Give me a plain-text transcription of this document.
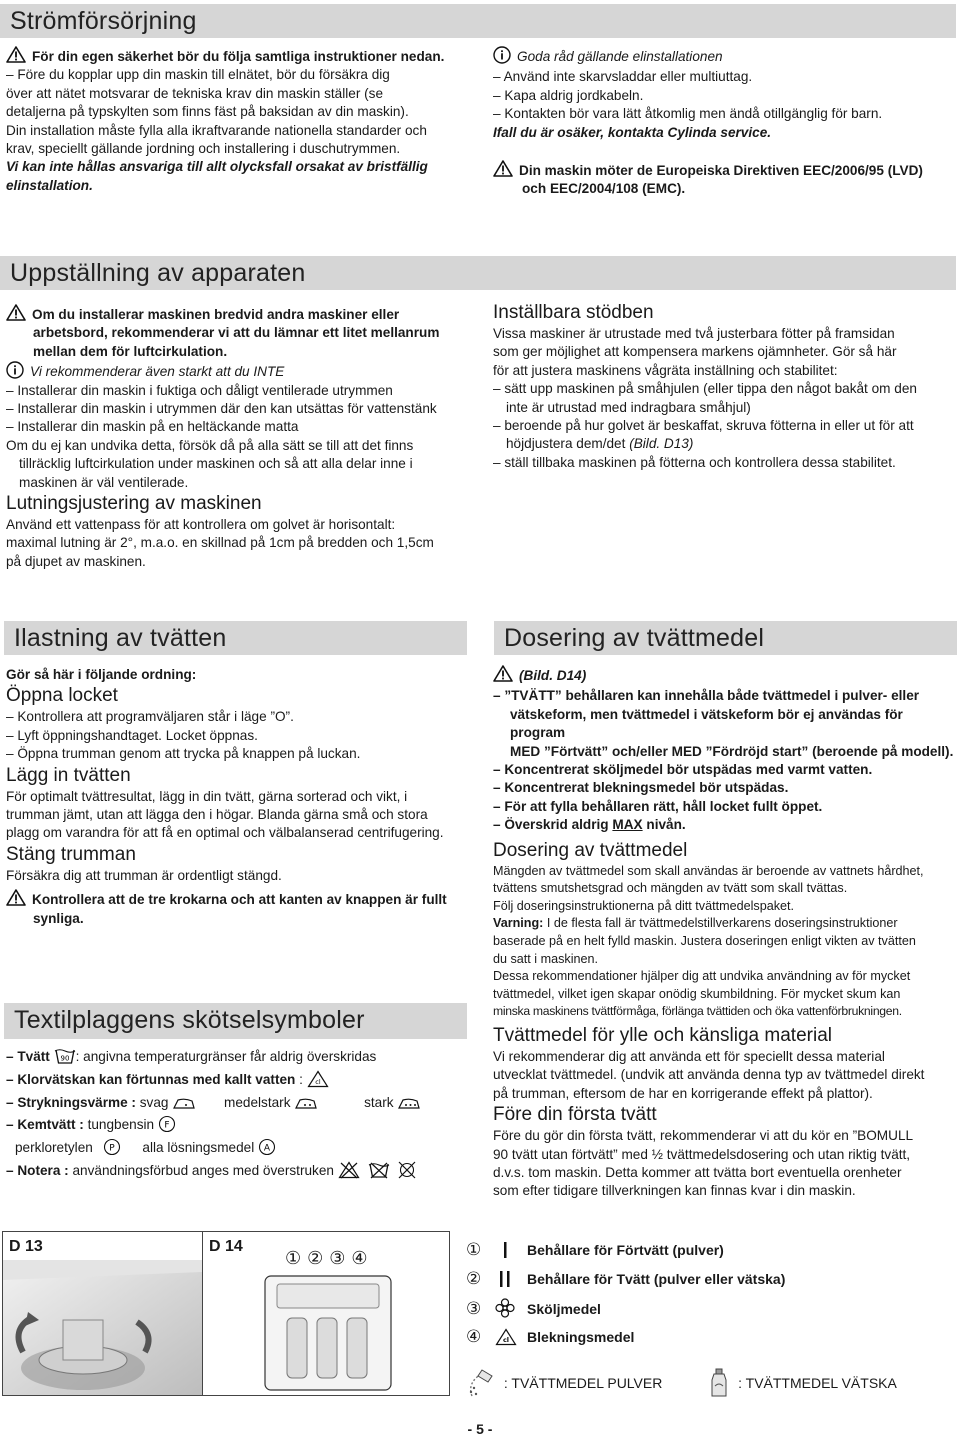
Strömförsörjning

För din egen säkerhet bör du följa samtliga instruktioner nedan.

– Före du kopplar upp din maskin till elnätet, bör du försäkra dig

över att nätet motsvarar de tekniska krav din maskin ställer (se

detaljerna på typskylten som finns fäst på baksidan av din maskin).

Din installation måste fylla alla ikraftvarande nationella standarder och

krav, speciellt gällande jordning och installering i duschutrymmen.

Vi kan inte hållas ansvariga till allt olycksfall orsakat av bristfällig

elinstallation.

Goda råd gällande elinstallationen

– Använd inte skarvsladdar eller multiuttag.

– Kapa aldrig jordkabeln.

– Kontakten bör vara lätt åtkomlig men ändå otillgänglig för barn.

Ifall du är osäker, kontakta Cylinda service.

Din maskin möter de Europeiska Direktiven EEC/2006/95 (LVD)

och EEC/2004/108 (EMC).

Uppställning av apparaten

Om du installerar maskinen bredvid andra maskiner eller

arbetsbord, rekommenderar vi att du lämnar ett litet mellanrum

mellan dem för luftcirkulation.

Vi rekommenderar även starkt att du INTE

– Installerar din maskin i fuktiga och dåligt ventilerade utrymmen

– Installerar din maskin i utrymmen där den kan utsättas för vattenstänk

– Installerar din maskin på en heltäckande matta

Om du ej kan undvika detta, försök då på alla sätt se till att det finns

tillräcklig luftcirkulation under maskinen och så att alla delar inne i

maskinen är väl ventilerade.

Lutningsjustering av maskinen

Använd ett vattenpass för att kontrollera om golvet är horisontalt:

maximal lutning är 2°, m.a.o. en skillnad på 1cm på bredden och 1,5cm

på djupet av maskinen.

Inställbara stödben

Vissa maskiner är utrustade med två justerbara fötter på framsidan

som ger möjlighet att kompensera markens ojämnheter. Gör så här

för att justera maskinens vågräta inställning och stabilitet:

– sätt upp maskinen på småhjulen (eller tippa den något bakåt om den

inte är utrustad med indragbara småhjul)

– beroende på hur golvet är beskaffat, skruva fötterna in eller ut för att

höjdjustera dem/det (Bild. D13)

– ställ tillbaka maskinen på fötterna och kontrollera dessa stabilitet.

Ilastning av tvätten

Gör så här i följande ordning:

Öppna locket

– Kontrollera att programväljaren står i läge ”O”.

– Lyft öppningshandtaget. Locket öppnas.

– Öppna trumman genom att trycka på knappen på luckan.

Lägg in tvätten

För optimalt tvättresultat, lägg in din tvätt, gärna sorterad och vikt, i

trumman jämt, utan att lägga den i högar. Blanda gärna små och stora

plagg om varandra för att få en optimal och välbalanserad centrifugering.

Stäng trumman

Försäkra dig att trumman är ordentligt stängd.

Kontrollera att de tre krokarna och att kanten av knappen är fullt

synliga.

Textilplaggens skötselsymboler

– Tvätt 90 : angivna temperaturgränser får aldrig överskridas

– Klorvätskan kan förtunnas med kallt vatten : cl

– Strykningsvärme : svag	medelstark	stark

– Kemtvätt : tungbensin F

perkloretylen P alla lösningsmedel A

– Notera : användningsförbud anges med överstruken

Dosering av tvättmedel

(Bild. D14)

– ”TVÄTT” behållaren kan innehålla både tvättmedel i pulver- eller

vätskeform, men tvättmedel i vätskeform bör ej användas för program

MED ”Förtvätt” och/eller MED ”Fördröjd start” (beroende på modell).

– Koncentrerat sköljmedel bör utspädas med varmt vatten.

– Koncentrerat blekningsmedel bör utspädas.

– För att fylla behållaren rätt, håll locket fullt öppet.

– Överskrid aldrig MAX nivån.

Dosering av tvättmedel

Mängden av tvättmedel som skall användas är beroende av vattnets hårdhet,

tvättens smutshetsgrad och mängden av tvätt som skall tvättas.

Följ doseringsinstruktionerna på ditt tvättmedelspaket.

Varning: I de flesta fall är tvättmedelstillverkarens doseringsinstruktioner

baserade på en helt fylld maskin. Justera doseringen enligt vikten av tvätten

du satt i maskinen.

Dessa rekommendationer hjälper dig att undvika användning av för mycket

tvättmedel, vilket igen skapar onödig skumbildning. För mycket skum kan

minska maskinens tvättförmåga, förlänga tvättiden och öka vattenförbrukningen.

Tvättmedel för ylle och känsliga material

Vi rekommenderar dig att använda ett för speciellt dessa material

utvecklat tvättmedel. (undvik att använda denna typ av tvättmedel direkt

på trumman, eftersom de har en korrigerande effekt på plattor).

Före din första tvätt

Före du gör din första tvätt, rekommenderar vi att du kör en ”BOMULL

90 tvätt utan förtvätt” med ½ tvättmedelsdosering och utan riktig tvätt,

d.v.s. tom maskin. Detta kommer att tvätta bort eventuella orenheter

som efter tidigare tillverkningen kan finnas kvar i din maskin.

D 13	D 14
①②③④	①	Behållare för Förtvätt (pulver)
②	Behållare för Tvätt (pulver eller vätska)
③	Sköljmedel
④	cl Blekningsmedel
: TVÄTTMEDEL PULVER	: TVÄTTMEDEL VÄTSKA
- 5 -
